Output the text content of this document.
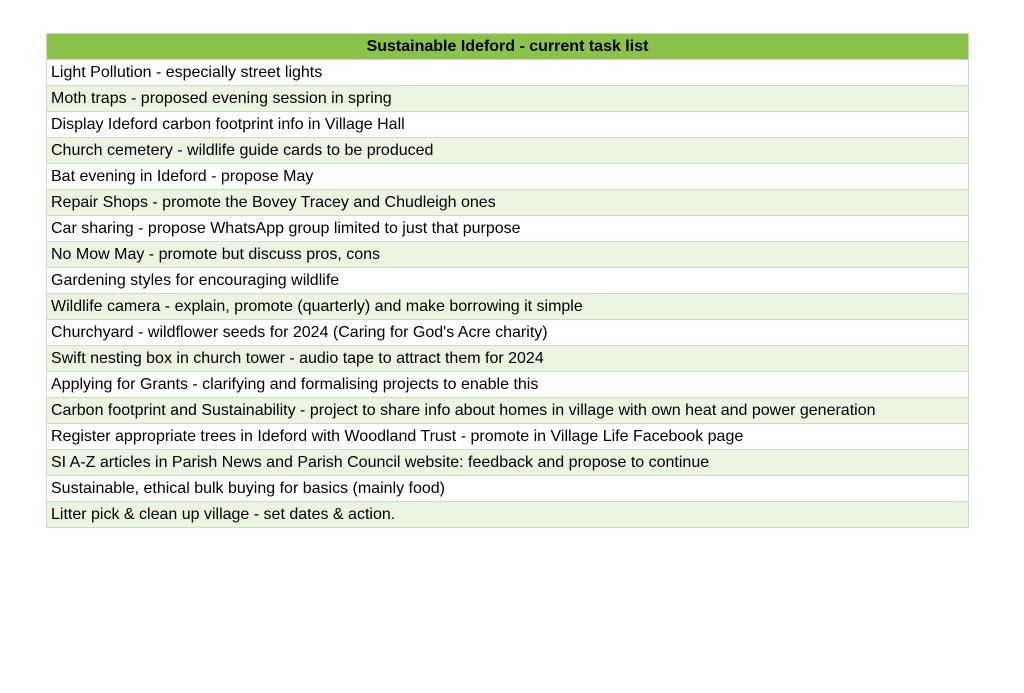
Sustainable Ideford - current task list
Light Pollution - especially street lights
Moth traps - proposed evening session in spring
Display Ideford carbon footprint info in Village Hall
Church cemetery - wildlife guide cards to be produced
Bat evening in Ideford - propose May
Repair Shops - promote the Bovey Tracey and Chudleigh ones
Car sharing - propose WhatsApp group limited to just that purpose
No Mow May - promote but discuss pros, cons
Gardening styles for encouraging wildlife
Wildlife camera - explain, promote (quarterly) and make borrowing it simple
Churchyard - wildflower seeds for 2024 (Caring for God's Acre charity)
Swift nesting box in church tower - audio tape to attract them for 2024
Applying for Grants - clarifying and formalising projects to enable this
Carbon footprint and Sustainability - project to share info about homes in village with own heat and power generation
Register appropriate trees in Ideford with Woodland Trust - promote in Village Life Facebook page
SI A-Z articles in Parish News and Parish Council website: feedback and propose to continue
Sustainable, ethical bulk buying for basics (mainly food)
Litter pick & clean up village - set dates & action.
